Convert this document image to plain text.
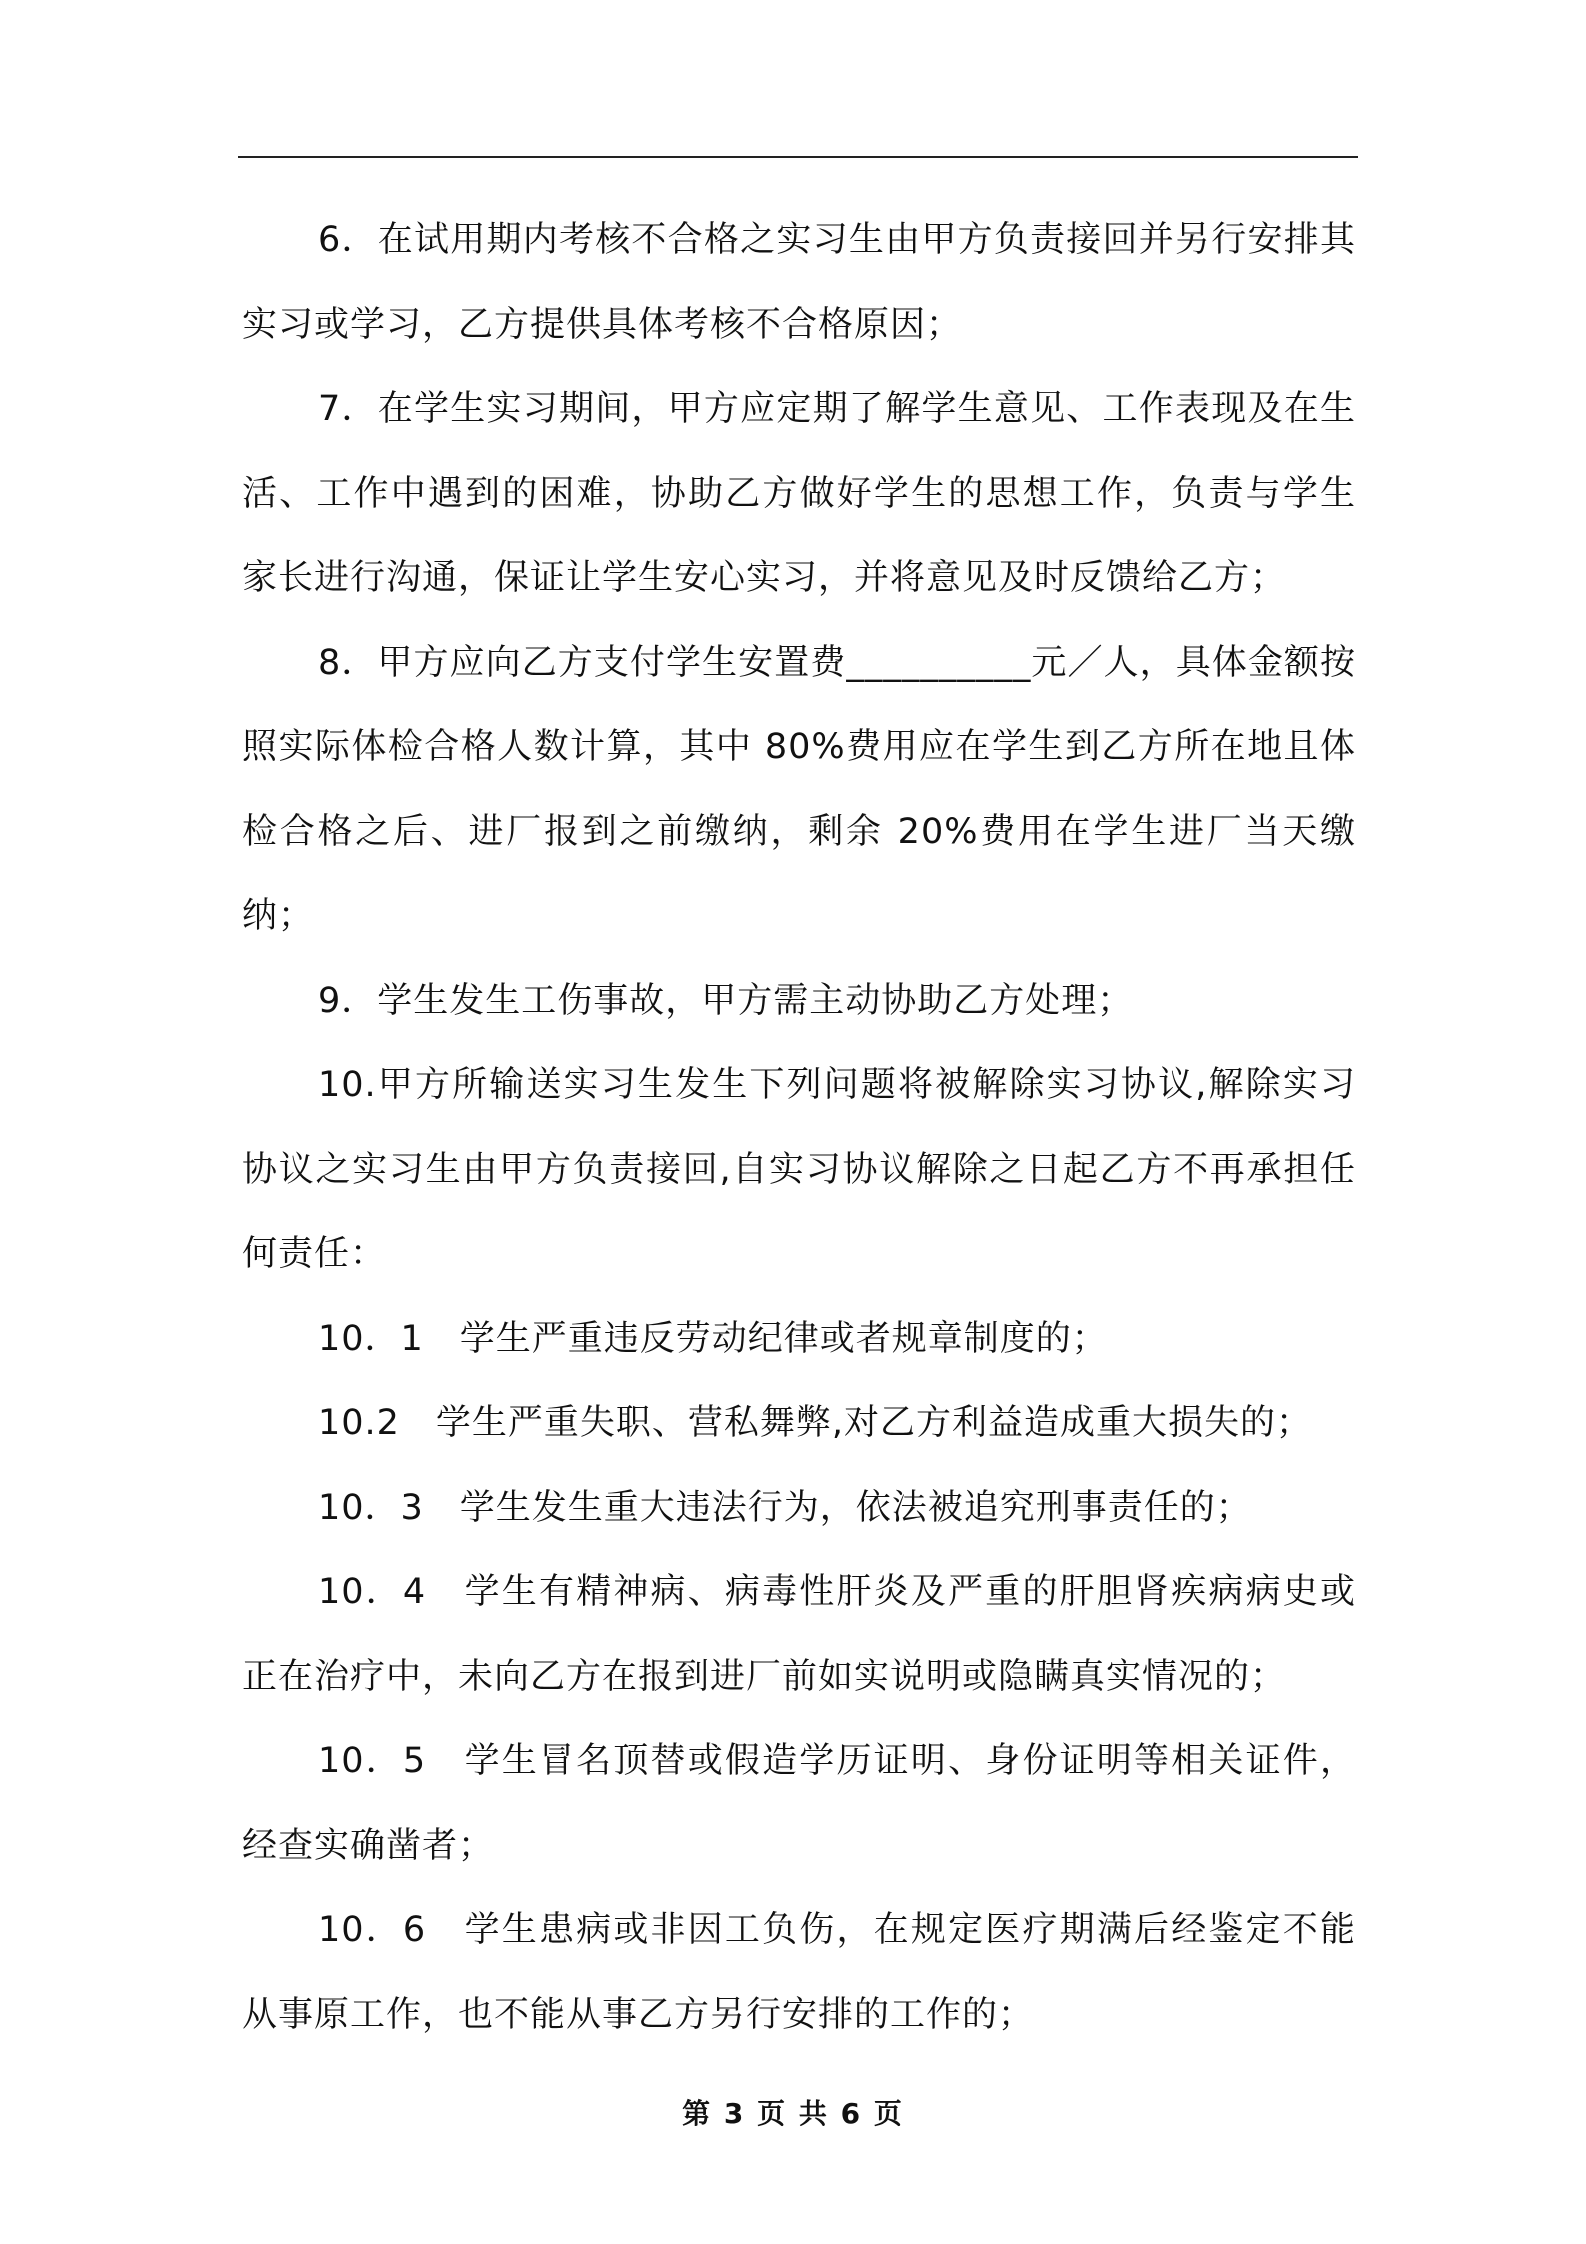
6．在试用期内考核不合格之实习生由甲方负责接回并另行安排其实习或学习，乙方提供具体考核不合格原因；

7．在学生实习期间，甲方应定期了解学生意见、工作表现及在生活、工作中遇到的困难，协助乙方做好学生的思想工作，负责与学生家长进行沟通，保证让学生安心实习，并将意见及时反馈给乙方；

8．甲方应向乙方支付学生安置费__________元／人，具体金额按照实际体检合格人数计算，其中 80%费用应在学生到乙方所在地且体检合格之后、进厂报到之前缴纳，剩余 20%费用在学生进厂当天缴纳；

9．学生发生工伤事故，甲方需主动协助乙方处理；

10.甲方所输送实习生发生下列问题将被解除实习协议,解除实习协议之实习生由甲方负责接回,自实习协议解除之日起乙方不再承担任何责任：

10．1　学生严重违反劳动纪律或者规章制度的；

10.2　学生严重失职、营私舞弊,对乙方利益造成重大损失的；

10．3　学生发生重大违法行为，依法被追究刑事责任的；

10．4　学生有精神病、病毒性肝炎及严重的肝胆肾疾病病史或正在治疗中，未向乙方在报到进厂前如实说明或隐瞒真实情况的；

10．5　学生冒名顶替或假造学历证明、身份证明等相关证件，经查实确凿者；

10．6　学生患病或非因工负伤，在规定医疗期满后经鉴定不能从事原工作，也不能从事乙方另行安排的工作的；

第 3 页 共 6 页
